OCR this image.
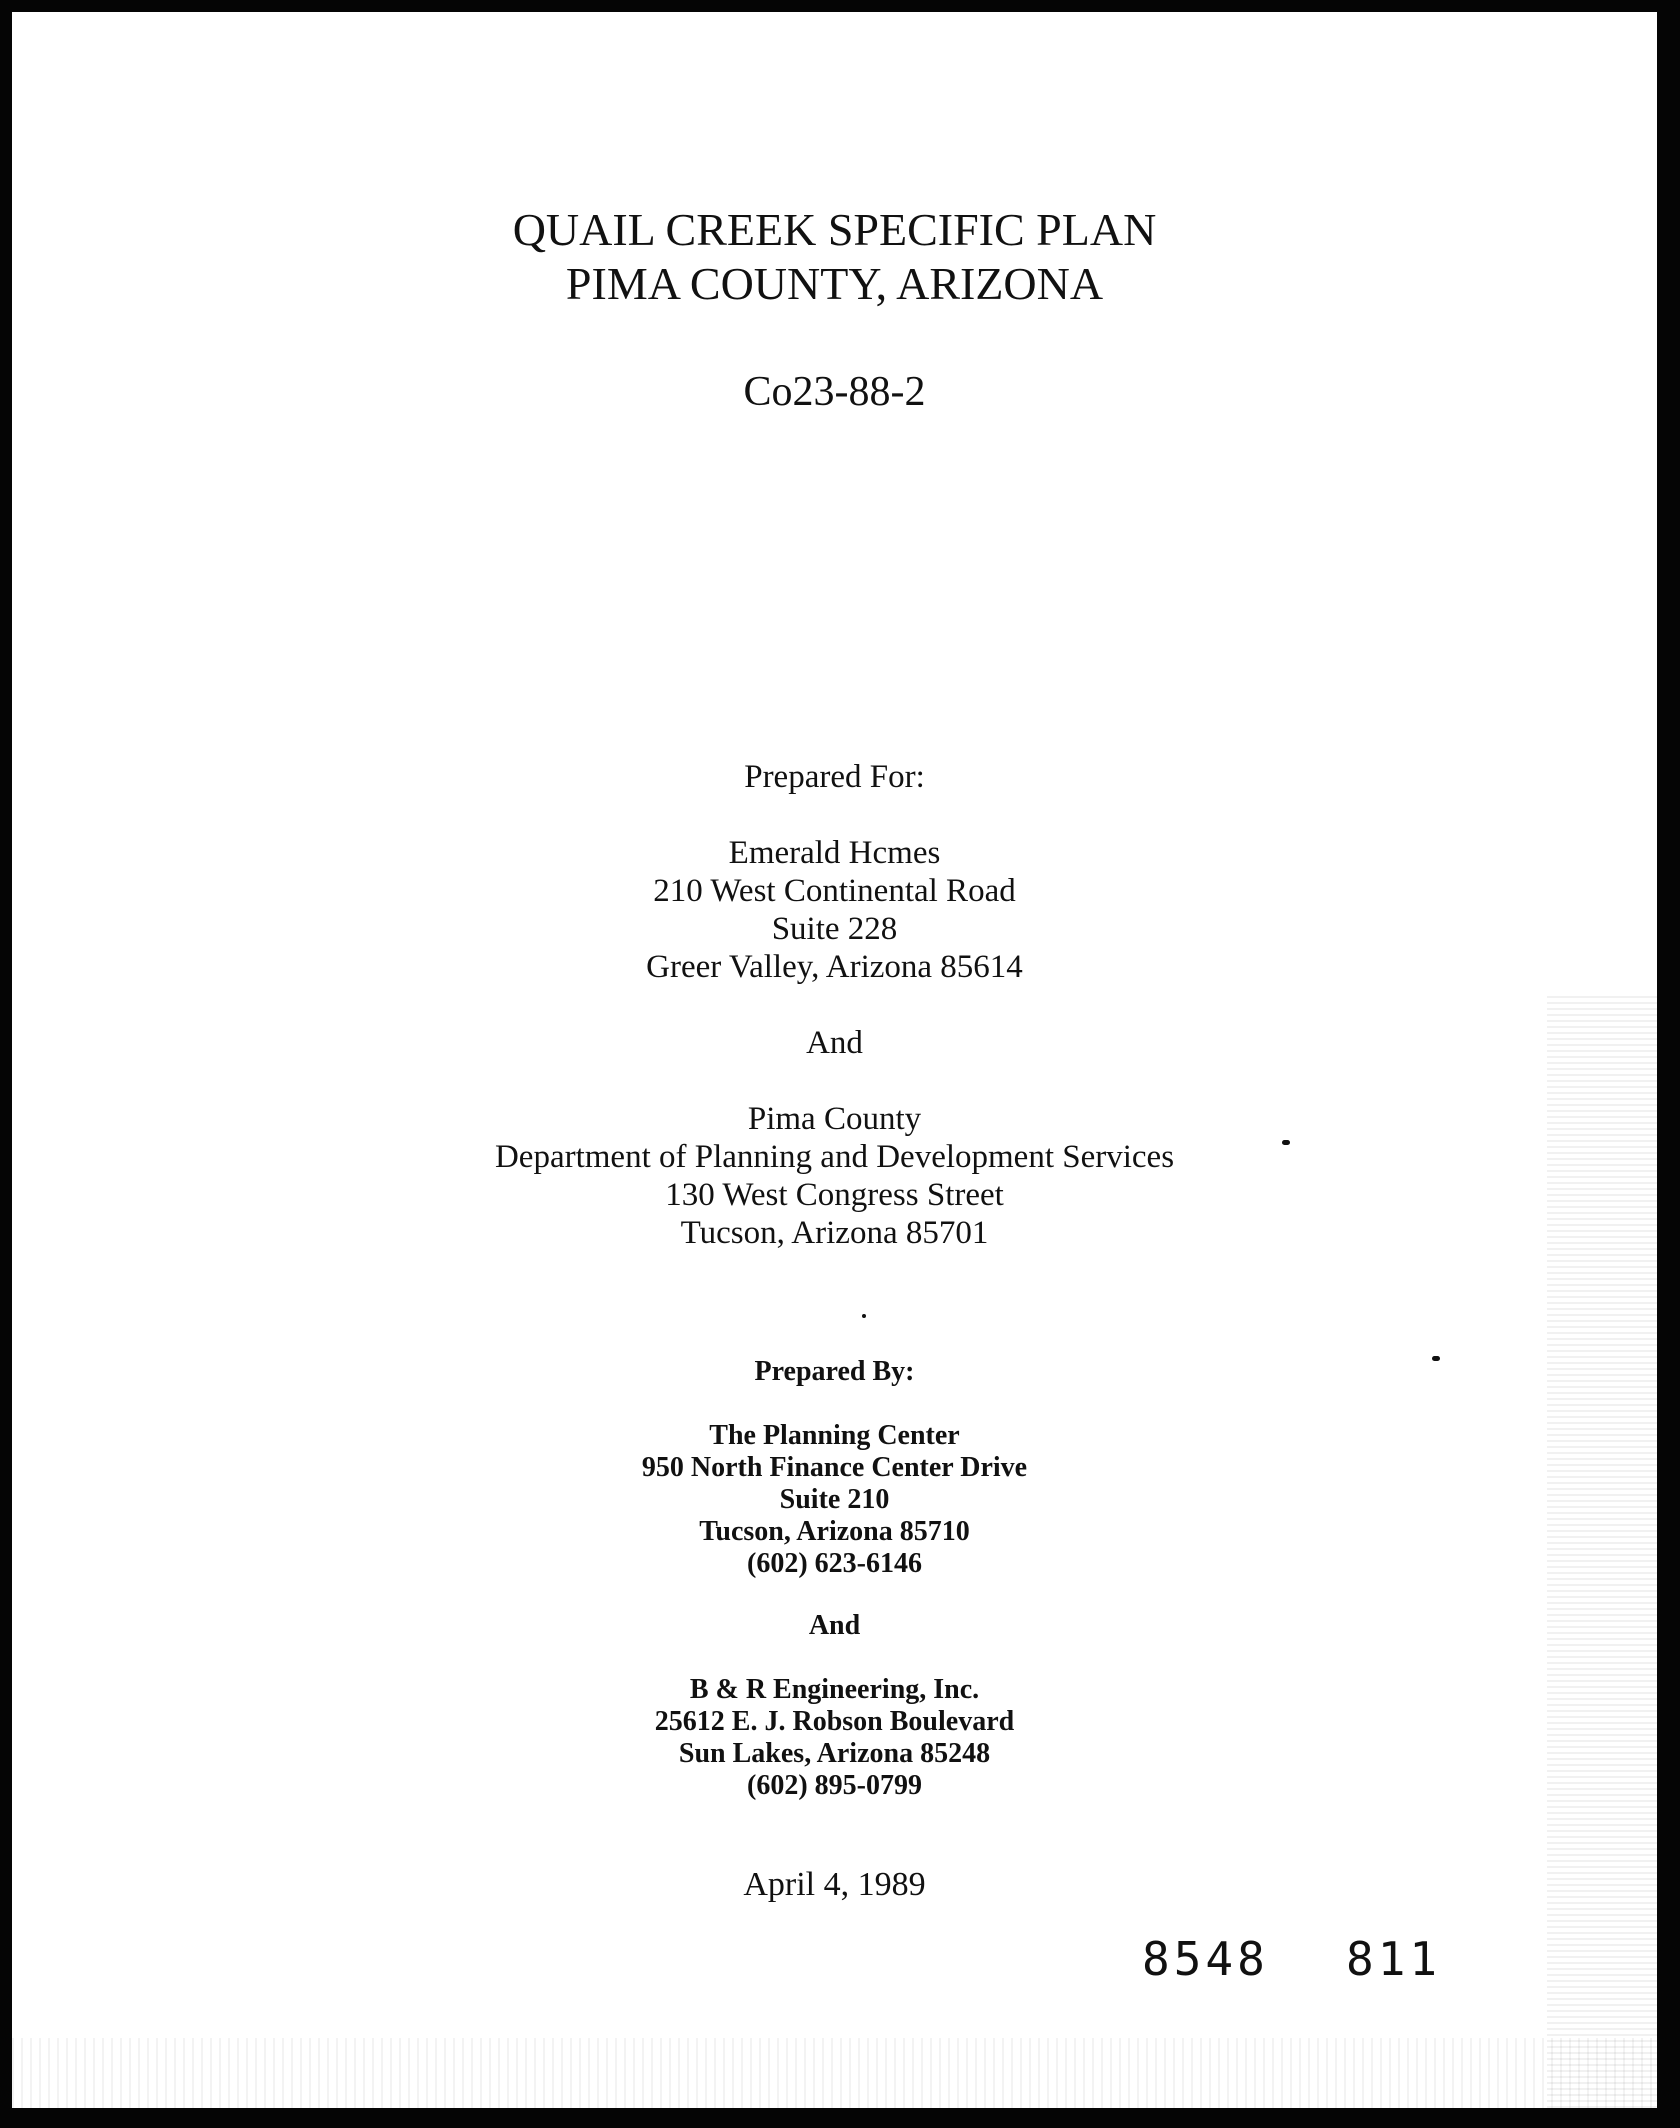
QUAIL CREEK SPECIFIC PLAN
PIMA COUNTY, ARIZONA
Co23-88-2
Prepared For:
Emerald Hcmes
210 West Continental Road
Suite 228
Greer Valley, Arizona 85614
And
Pima County
Department of Planning and Development Services
130 West Congress Street
Tucson, Arizona 85701
Prepared By:
The Planning Center
950 North Finance Center Drive
Suite 210
Tucson, Arizona 85710
(602) 623-6146
And
B & R Engineering, Inc.
25612 E. J. Robson Boulevard
Sun Lakes, Arizona 85248
(602) 895-0799
April 4, 1989
8548 811
